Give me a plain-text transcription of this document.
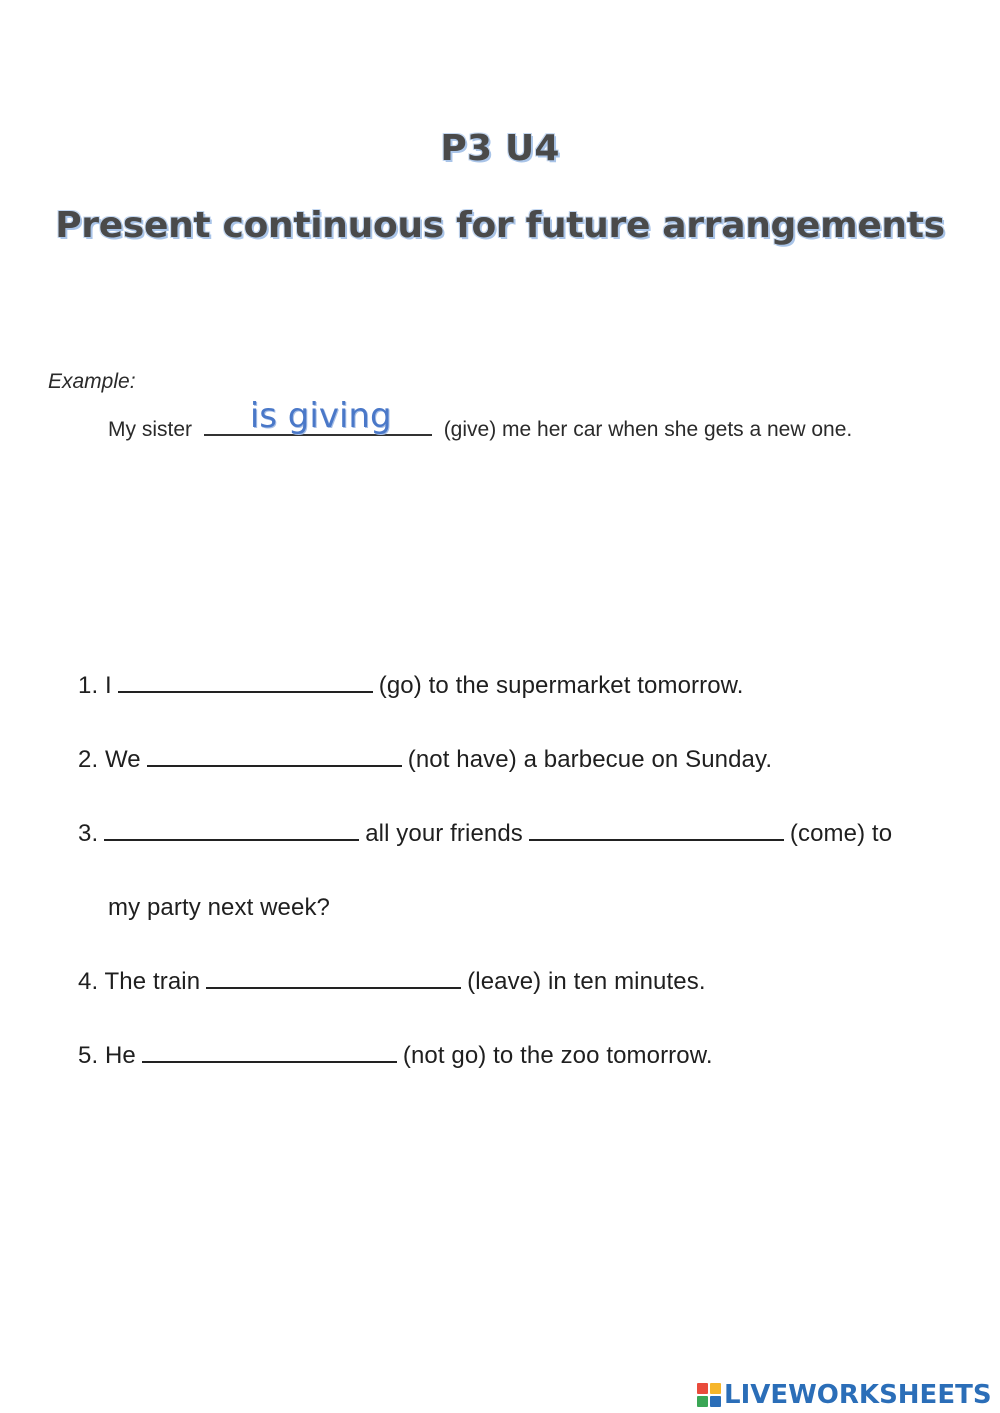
P3 U4
Present continuous for future arrangements
Example:
My sister is giving (give) me her car when she gets a new one.
1. I	(go) to the supermarket tomorrow.
2. We	(not have) a barbecue on Sunday.
3.	all your friends	(come) to
my party next week?
4. The train	(leave) in ten minutes.
5. He	(not go) to the zoo tomorrow.
LIVEWORKSHEETS
